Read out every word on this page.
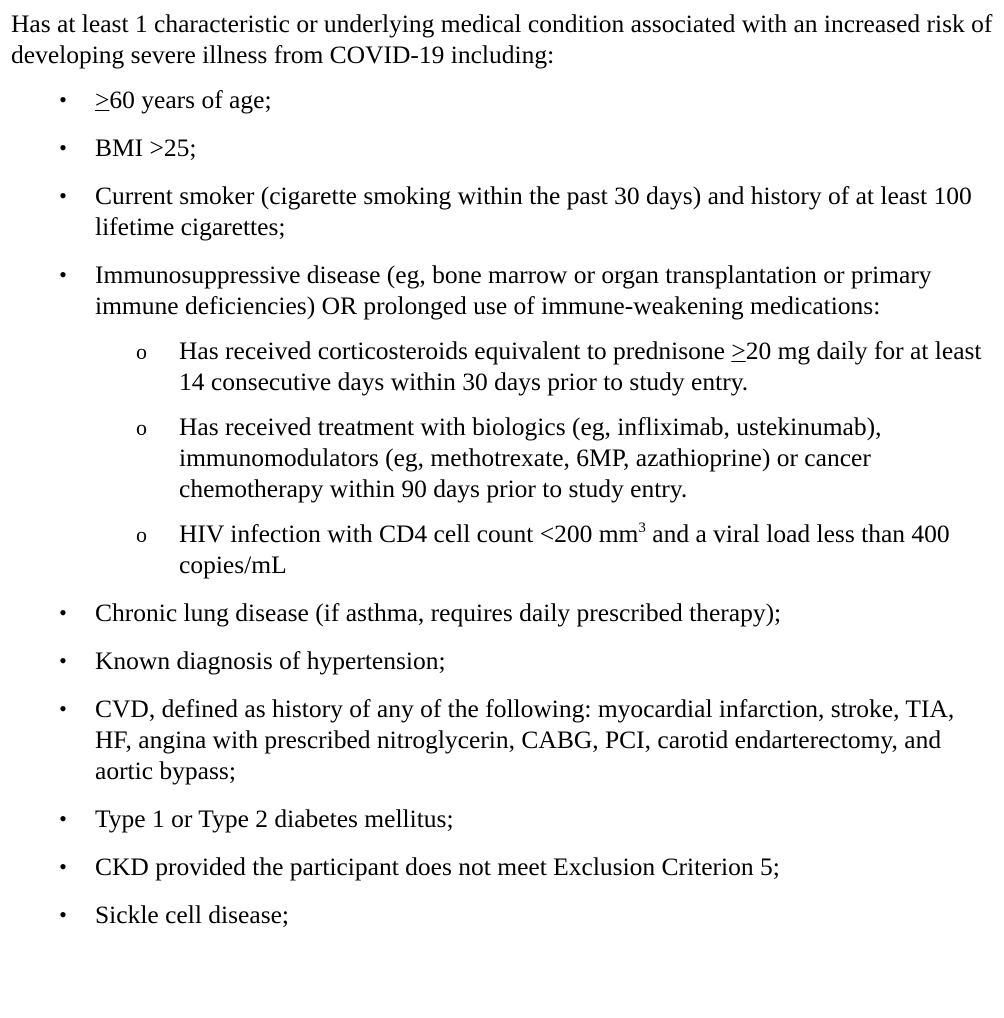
Has at least 1 characteristic or underlying medical condition associated with an increased risk of developing severe illness from COVID-19 including:

• ≥60 years of age;
• BMI >25;
• Current smoker (cigarette smoking within the past 30 days) and history of at least 100 lifetime cigarettes;
• Immunosuppressive disease (eg, bone marrow or organ transplantation or primary immune deficiencies) OR prolonged use of immune-weakening medications:
o Has received corticosteroids equivalent to prednisone ≥20 mg daily for at least 14 consecutive days within 30 days prior to study entry.
o Has received treatment with biologics (eg, infliximab, ustekinumab), immunomodulators (eg, methotrexate, 6MP, azathioprine) or cancer chemotherapy within 90 days prior to study entry.
o HIV infection with CD4 cell count <200 $mm^3$ and a viral load less than 400 copies/mL
• Chronic lung disease (if asthma, requires daily prescribed therapy);
• Known diagnosis of hypertension;
• CVD, defined as history of any of the following: myocardial infarction, stroke, TIA, HF, angina with prescribed nitroglycerin, CABG, PCI, carotid endarterectomy, and aortic bypass;
• Type 1 or Type 2 diabetes mellitus;
• CKD provided the participant does not meet Exclusion Criterion 5;
• Sickle cell disease;
